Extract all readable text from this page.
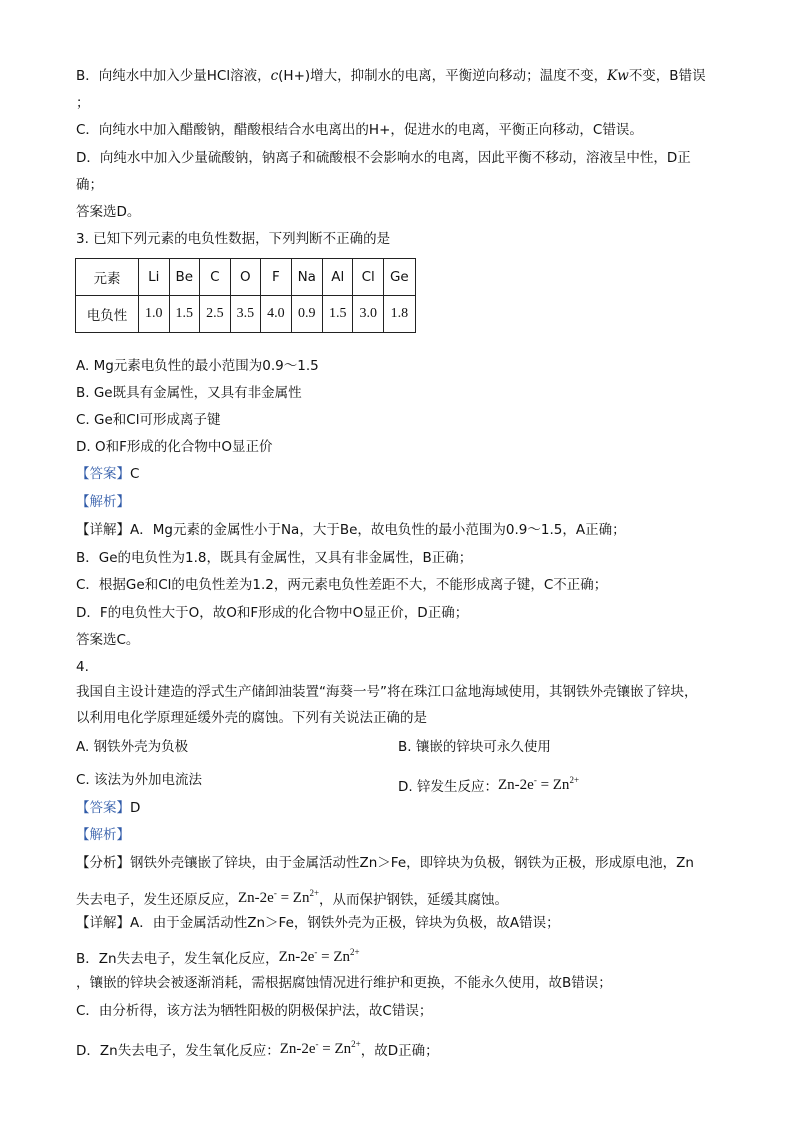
B．向纯水中加入少量HCl溶液，c(H+)增大，抑制水的电离，平衡逆向移动；温度不变，Kw不变，B错误
；
C．向纯水中加入醋酸钠，醋酸根结合水电离出的H+，促进水的电离，平衡正向移动，C错误。
D．向纯水中加入少量硫酸钠，钠离子和硫酸根不会影响水的电离，因此平衡不移动，溶液呈中性，D正
确；
答案选D。
3. 已知下列元素的电负性数据，下列判断不正确的是
元素	Li	Be	C	O	F	Na	Al	Cl	Ge
电负性	1.0	1.5	2.5	3.5	4.0	0.9	1.5	3.0	1.8
A. Mg元素电负性的最小范围为0.9～1.5
B. Ge既具有金属性，又具有非金属性
C. Ge和Cl可形成离子键
D. O和F形成的化合物中O显正价
【答案】C
【解析】
【详解】A．Mg元素的金属性小于Na，大于Be，故电负性的最小范围为0.9～1.5，A正确；
B．Ge的电负性为1.8，既具有金属性，又具有非金属性，B正确；
C．根据Ge和Cl的电负性差为1.2，两元素电负性差距不大，不能形成离子键，C不正确；
D．F的电负性大于O，故O和F形成的化合物中O显正价，D正确；
答案选C。
4.
我国自主设计建造的浮式生产储卸油装置“海葵一号”将在珠江口盆地海域使用，其钢铁外壳镶嵌了锌块，
以利用电化学原理延缓外壳的腐蚀。下列有关说法正确的是
A. 钢铁外壳为负极	B. 镶嵌的锌块可永久使用
C. 该法为外加电流法	D. 锌发生反应：$Zn-2e^- = Zn^{2+}$
【答案】D
【解析】
【分析】钢铁外壳镶嵌了锌块，由于金属活动性Zn＞Fe，即锌块为负极，钢铁为正极，形成原电池，Zn
失去电子，发生还原反应，$Zn-2e^- = Zn^{2+}$，从而保护钢铁，延缓其腐蚀。
【详解】A．由于金属活动性Zn＞Fe，钢铁外壳为正极，锌块为负极，故A错误；
B．Zn失去电子，发生氧化反应，$Zn-2e^- = Zn^{2+}$
，镶嵌的锌块会被逐渐消耗，需根据腐蚀情况进行维护和更换，不能永久使用，故B错误；
C．由分析得，该方法为牺牲阳极的阴极保护法，故C错误；
D．Zn失去电子，发生氧化反应：$Zn-2e^- = Zn^{2+}$，故D正确；
